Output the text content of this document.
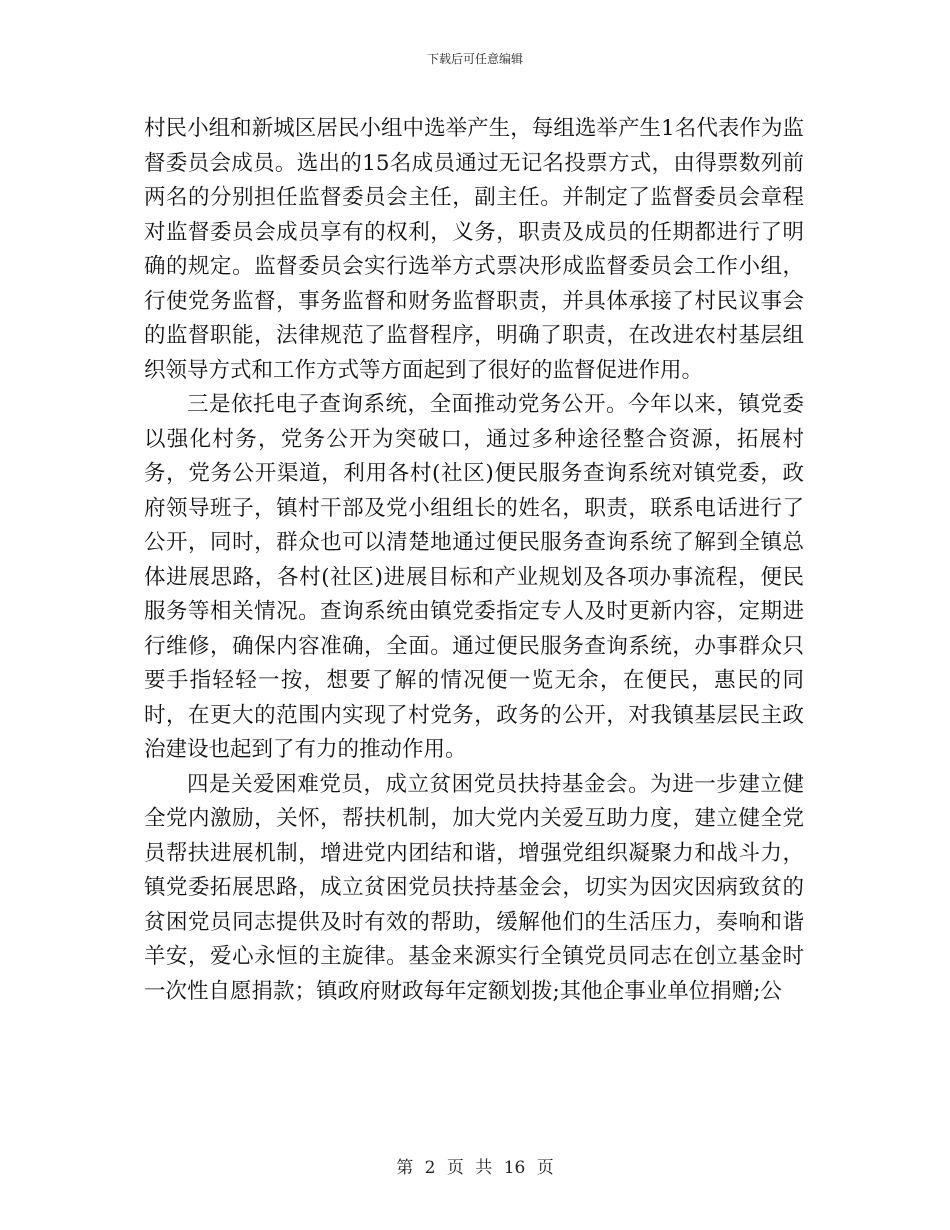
下载后可任意编辑

村民小组和新城区居民小组中选举产生，每组选举产生1名代表作为监督委员会成员。选出的15名成员通过无记名投票方式，由得票数列前两名的分别担任监督委员会主任，副主任。并制定了监督委员会章程对监督委员会成员享有的权利，义务，职责及成员的任期都进行了明确的规定。监督委员会实行选举方式票决形成监督委员会工作小组，行使党务监督，事务监督和财务监督职责，并具体承接了村民议事会的监督职能，法律规范了监督程序，明确了职责，在改进农村基层组织领导方式和工作方式等方面起到了很好的监督促进作用。

三是依托电子查询系统，全面推动党务公开。今年以来，镇党委以强化村务，党务公开为突破口，通过多种途径整合资源，拓展村务，党务公开渠道，利用各村(社区)便民服务查询系统对镇党委，政府领导班子，镇村干部及党小组组长的姓名，职责，联系电话进行了公开，同时，群众也可以清楚地通过便民服务查询系统了解到全镇总体进展思路，各村(社区)进展目标和产业规划及各项办事流程，便民服务等相关情况。查询系统由镇党委指定专人及时更新内容，定期进行维修，确保内容准确，全面。通过便民服务查询系统，办事群众只要手指轻轻一按，想要了解的情况便一览无余，在便民，惠民的同时，在更大的范围内实现了村党务，政务的公开，对我镇基层民主政治建设也起到了有力的推动作用。

四是关爱困难党员，成立贫困党员扶持基金会。为进一步建立健全党内激励，关怀，帮扶机制，加大党内关爱互助力度，建立健全党员帮扶进展机制，增进党内团结和谐，增强党组织凝聚力和战斗力，镇党委拓展思路，成立贫困党员扶持基金会，切实为因灾因病致贫的贫困党员同志提供及时有效的帮助，缓解他们的生活压力，奏响和谐羊安，爱心永恒的主旋律。基金来源实行全镇党员同志在创立基金时一次性自愿捐款；镇政府财政每年定额划拨;其他企事业单位捐赠;公

第 2 页 共 16 页
